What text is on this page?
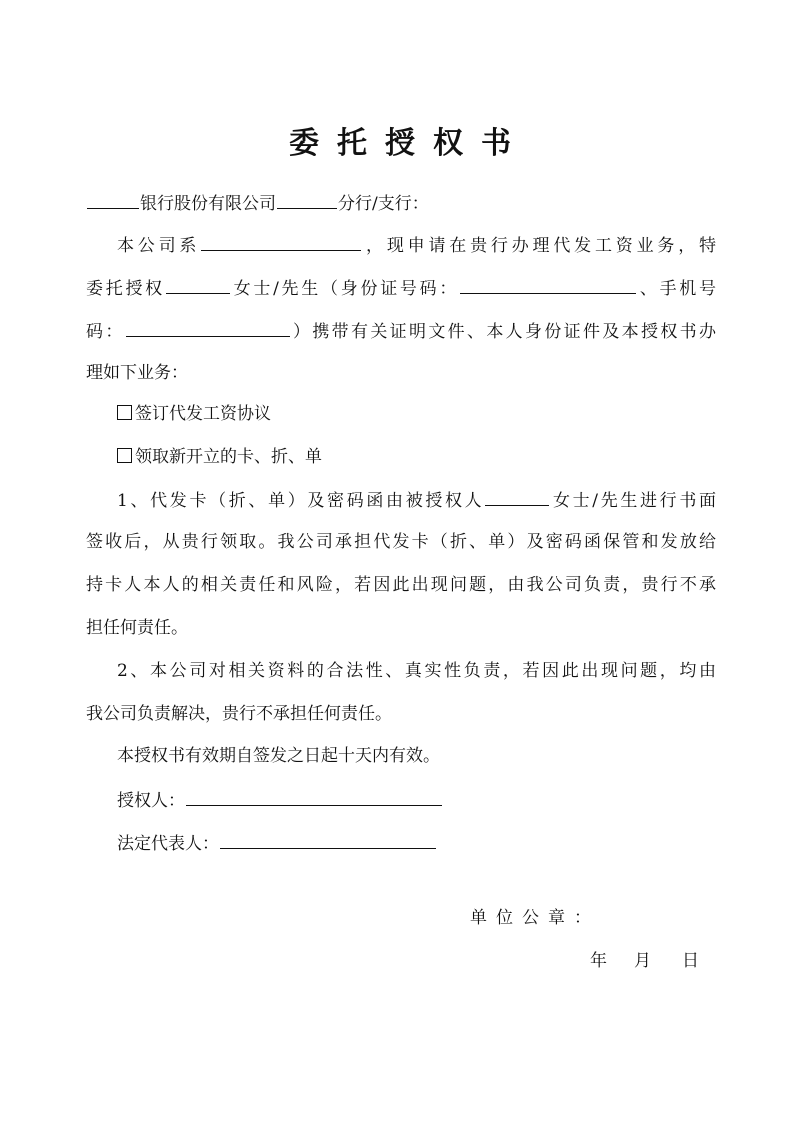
委托授权书
银行股份有限公司	分行/支行：
本公司系	，现申请在贵行办理代发工资业务，特
委托授权	女士/先生（身份证号码：	、手机号
码：	）携带有关证明文件、本人身份证件及本授权书办
理如下业务：
签订代发工资协议
领取新开立的卡、折、单
1、代发卡（折、单）及密码函由被授权人	女士/先生进行书面
签收后，从贵行领取。我公司承担代发卡（折、单）及密码函保管和发放给
持卡人本人的相关责任和风险，若因此出现问题，由我公司负责，贵行不承
担任何责任。
2、本公司对相关资料的合法性、真实性负责，若因此出现问题，均由
我公司负责解决，贵行不承担任何责任。
本授权书有效期自签发之日起十天内有效。
授权人：
法定代表人：
单位公章：
年 月 日
